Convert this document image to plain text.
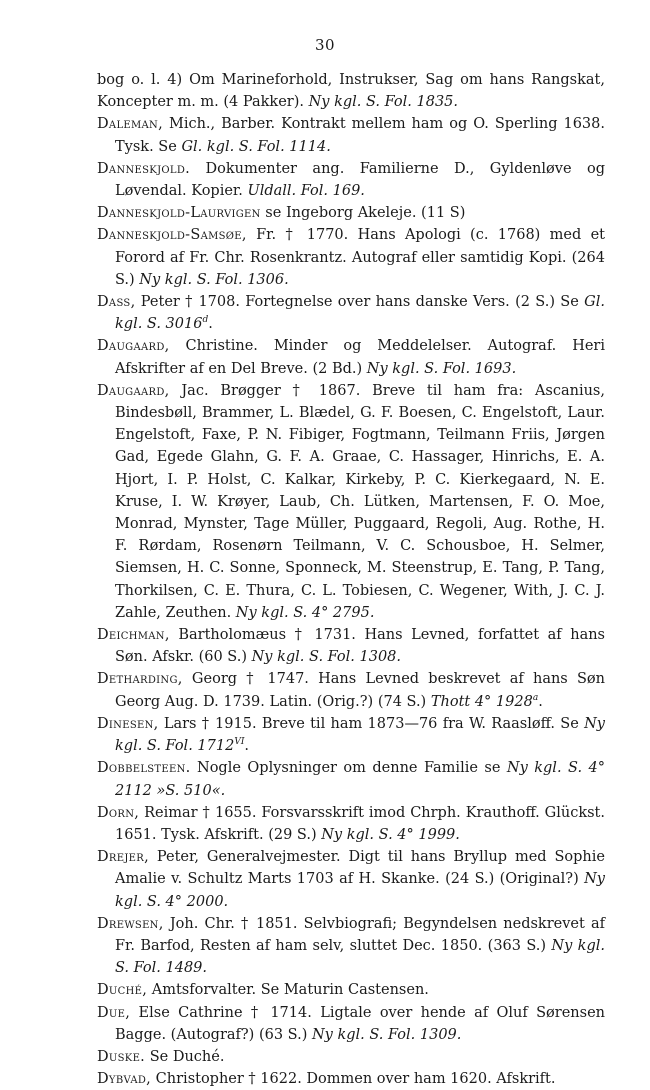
30

bog o. l. 4) Om Marineforhold, Instrukser, Sag om hans Rangskat, Koncepter m. m. (4 Pakker). Ny kgl. S. Fol. 1835.

Daleman, Mich., Barber. Kontrakt mellem ham og O. Sperling 1638. Tysk. Se Gl. kgl. S. Fol. 1114.

Danneskjold. Dokumenter ang. Familierne D., Gyldenløve og Løvendal. Kopier. Uldall. Fol. 169.

Danneskjold-Laurvigen se Ingeborg Akeleje. (11 S)

Danneskjold-Samsøe, Fr. † 1770. Hans Apologi (c. 1768) med et Forord af Fr. Chr. Rosenkrantz. Autograf eller samtidig Kopi. (264 S.) Ny kgl. S. Fol. 1306.

Dass, Peter † 1708. Fortegnelse over hans danske Vers. (2 S.) Se Gl. kgl. S. 3016$^d$.

Daugaard, Christine. Minder og Meddelelser. Autograf. Heri Afskrifter af en Del Breve. (2 Bd.) Ny kgl. S. Fol. 1693.

Daugaard, Jac. Brøgger † 1867. Breve til ham fra: Ascanius, Bindesbøll, Brammer, L. Blædel, G. F. Boesen, C. Engelstoft, Laur. Engelstoft, Faxe, P. N. Fibiger, Fogtmann, Teilmann Friis, Jørgen Gad, Egede Glahn, G. F. A. Graae, C. Hassager, Hinrichs, E. A. Hjort, I. P. Holst, C. Kalkar, Kirkeby, P. C. Kierkegaard, N. E. Kruse, I. W. Krøyer, Laub, Ch. Lütken, Martensen, F. O. Moe, Monrad, Mynster, Tage Müller, Puggaard, Regoli, Aug. Rothe, H. F. Rørdam, Rosenørn Teilmann, V. C. Schousboe, H. Selmer, Siemsen, H. C. Sonne, Sponneck, M. Steenstrup, E. Tang, P. Tang, Thorkilsen, C. E. Thura, C. L. Tobiesen, C. Wegener, With, J. C. J. Zahle, Zeuthen. Ny kgl. S. 4° 2795.

Deichman, Bartholomæus † 1731. Hans Levned, forfattet af hans Søn. Afskr. (60 S.) Ny kgl. S. Fol. 1308.

Detharding, Georg † 1747. Hans Levned beskrevet af hans Søn Georg Aug. D. 1739. Latin. (Orig.?) (74 S.) Thott 4° 1928$^a$.

Dinesen, Lars † 1915. Breve til ham 1873—76 fra W. Raasløff. Se Ny kgl. S. Fol. $1712^{VI}$.

Dobbelsteen. Nogle Oplysninger om denne Familie se Ny kgl. S. 4° 2112 »S. 510«.

Dorn, Reimar † 1655. Forsvarsskrift imod Chrph. Krauthoff. Glückst. 1651. Tysk. Afskrift. (29 S.) Ny kgl. S. 4° 1999.

Drejer, Peter, Generalvejmester. Digt til hans Bryllup med Sophie Amalie v. Schultz Marts 1703 af H. Skanke. (24 S.) (Original?) Ny kgl. S. 4° 2000.

Drewsen, Joh. Chr. † 1851. Selvbiografi; Begyndelsen nedskrevet af Fr. Barfod, Resten af ham selv, sluttet Dec. 1850. (363 S.) Ny kgl. S. Fol. 1489.

Duché, Amtsforvalter. Se Maturin Castensen.

Due, Else Cathrine † 1714. Ligtale over hende af Oluf Sørensen Bagge. (Autograf?) (63 S.) Ny kgl. S. Fol. 1309.

Duske. Se Duché.

Dybvad, Christopher † 1622. Dommen over ham 1620. Afskrift.
